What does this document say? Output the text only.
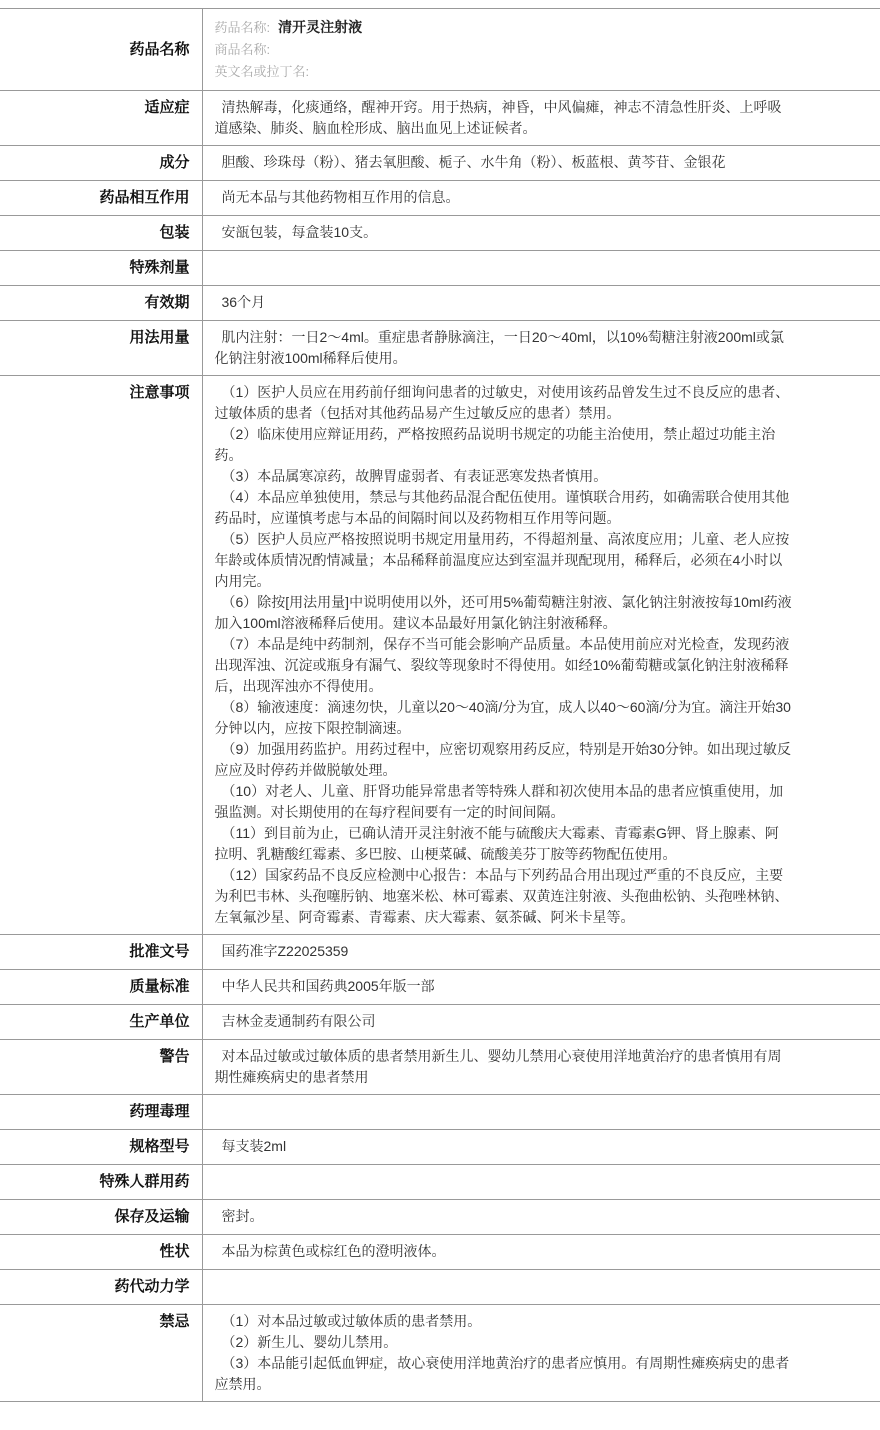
药品名称	药品名称: 清开灵注射液
商品名称:
英文名或拉丁名:

适应症	清热解毒，化痰通络，醒神开窍。用于热病，神昏，中风偏瘫，神志不清急性肝炎、上呼吸道感染、肺炎、脑血栓形成、脑出血见上述证候者。

成分	胆酸、珍珠母（粉）、猪去氧胆酸、栀子、水牛角（粉）、板蓝根、黄芩苷、金银花

药品相互作用	尚无本品与其他药物相互作用的信息。

包装	安瓿包装，每盒装10支。

特殊剂量	

有效期	36个月

用法用量	肌内注射：一日2～4ml。重症患者静脉滴注，一日20～40ml，以10%萄糖注射液200ml或氯化钠注射液100ml稀释后使用。

注意事项	（1）医护人员应在用药前仔细询问患者的过敏史，对使用该药品曾发生过不良反应的患者、过敏体质的患者（包括对其他药品易产生过敏反应的患者）禁用。

（2）临床使用应辩证用药，严格按照药品说明书规定的功能主治使用，禁止超过功能主治药。

（3）本品属寒凉药，故脾胃虚弱者、有表证恶寒发热者慎用。

（4）本品应单独使用，禁忌与其他药品混合配伍使用。谨慎联合用药，如确需联合使用其他药品时，应谨慎考虑与本品的间隔时间以及药物相互作用等问题。

（5）医护人员应严格按照说明书规定用量用药，不得超剂量、高浓度应用；儿童、老人应按年龄或体质情况酌情减量；本品稀释前温度应达到室温并现配现用，稀释后，必须在4小时以内用完。

（6）除按[用法用量]中说明使用以外，还可用5%葡萄糖注射液、氯化钠注射液按每10ml药液加入100ml溶液稀释后使用。建议本品最好用氯化钠注射液稀释。

（7）本品是纯中药制剂，保存不当可能会影响产品质量。本品使用前应对光检查，发现药液出现浑浊、沉淀或瓶身有漏气、裂纹等现象时不得使用。如经10%葡萄糖或氯化钠注射液稀释后，出现浑浊亦不得使用。

（8）输液速度：滴速勿快，儿童以20～40滴/分为宜，成人以40～60滴/分为宜。滴注开始30分钟以内，应按下限控制滴速。

（9）加强用药监护。用药过程中，应密切观察用药反应，特别是开始30分钟。如出现过敏反应应及时停药并做脱敏处理。

（10）对老人、儿童、肝肾功能异常患者等特殊人群和初次使用本品的患者应慎重使用，加强监测。对长期使用的在每疗程间要有一定的时间间隔。

（11）到目前为止，已确认清开灵注射液不能与硫酸庆大霉素、青霉素G钾、肾上腺素、阿拉明、乳糖酸红霉素、多巴胺、山梗菜碱、硫酸美芬丁胺等药物配伍使用。

（12）国家药品不良反应检测中心报告：本品与下列药品合用出现过严重的不良反应，主要为利巴韦林、头孢噻肟钠、地塞米松、林可霉素、双黄连注射液、头孢曲松钠、头孢唑林钠、左氧氟沙星、阿奇霉素、青霉素、庆大霉素、氨茶碱、阿米卡星等。

批准文号	国药准字Z22025359

质量标准	中华人民共和国药典2005年版一部

生产单位	吉林金麦通制药有限公司

警告	对本品过敏或过敏体质的患者禁用新生儿、婴幼儿禁用心衰使用洋地黄治疗的患者慎用有周期性瘫痪病史的患者禁用

药理毒理	

规格型号	每支装2ml

特殊人群用药	

保存及运输	密封。

性状	本品为棕黄色或棕红色的澄明液体。

药代动力学	

禁忌	（1）对本品过敏或过敏体质的患者禁用。

（2）新生儿、婴幼儿禁用。

（3）本品能引起低血钾症，故心衰使用洋地黄治疗的患者应慎用。有周期性瘫痪病史的患者应禁用。
